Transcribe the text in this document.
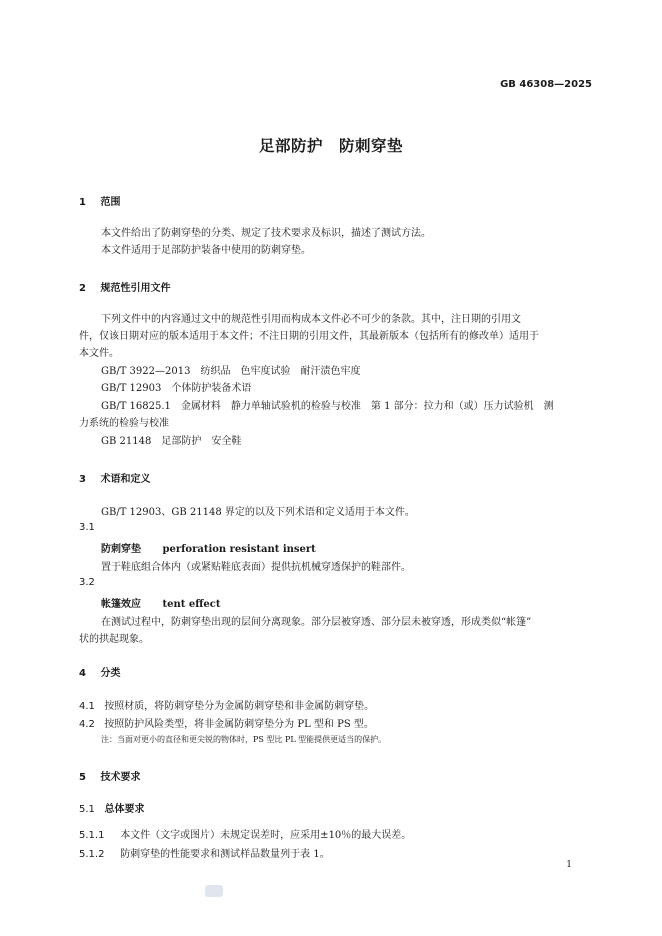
GB 46308—2025
足部防护　防刺穿垫
1 范围
本文件给出了防刺穿垫的分类、规定了技术要求及标识，描述了测试方法。
本文件适用于足部防护装备中使用的防刺穿垫。
2 规范性引用文件
下列文件中的内容通过文中的规范性引用而构成本文件必不可少的条款。其中，注日期的引用文
件，仅该日期对应的版本适用于本文件；不注日期的引用文件，其最新版本（包括所有的修改单）适用于
本文件。
GB/T 3922—2013　纺织品　色牢度试验　耐汗渍色牢度
GB/T 12903　个体防护装备术语
GB/T 16825.1　金属材料　静力单轴试验机的检验与校准　第 1 部分：拉力和（或）压力试验机　测
力系统的检验与校准
GB 21148　足部防护　安全鞋
3 术语和定义
GB/T 12903、GB 21148 界定的以及下列术语和定义适用于本文件。
3.1
防刺穿垫 perforation resistant insert
置于鞋底组合体内（或紧贴鞋底表面）提供抗机械穿透保护的鞋部件。
3.2
帐篷效应 tent effect
在测试过程中，防刺穿垫出现的层间分离现象。部分层被穿透、部分层未被穿透，形成类似“帐篷”
状的拱起现象。
4 分类
4.1 按照材质，将防刺穿垫分为金属防刺穿垫和非金属防刺穿垫。
4.2 按照防护风险类型，将非金属防刺穿垫分为 PL 型和 PS 型。
注：当面对更小的直径和更尖锐的物体时，PS 型比 PL 型能提供更适当的保护。
5 技术要求
5.1 总体要求
5.1.1 本文件（文字或图片）未规定误差时，应采用±10％的最大误差。
5.1.2 防刺穿垫的性能要求和测试样品数量列于表 1。
1
